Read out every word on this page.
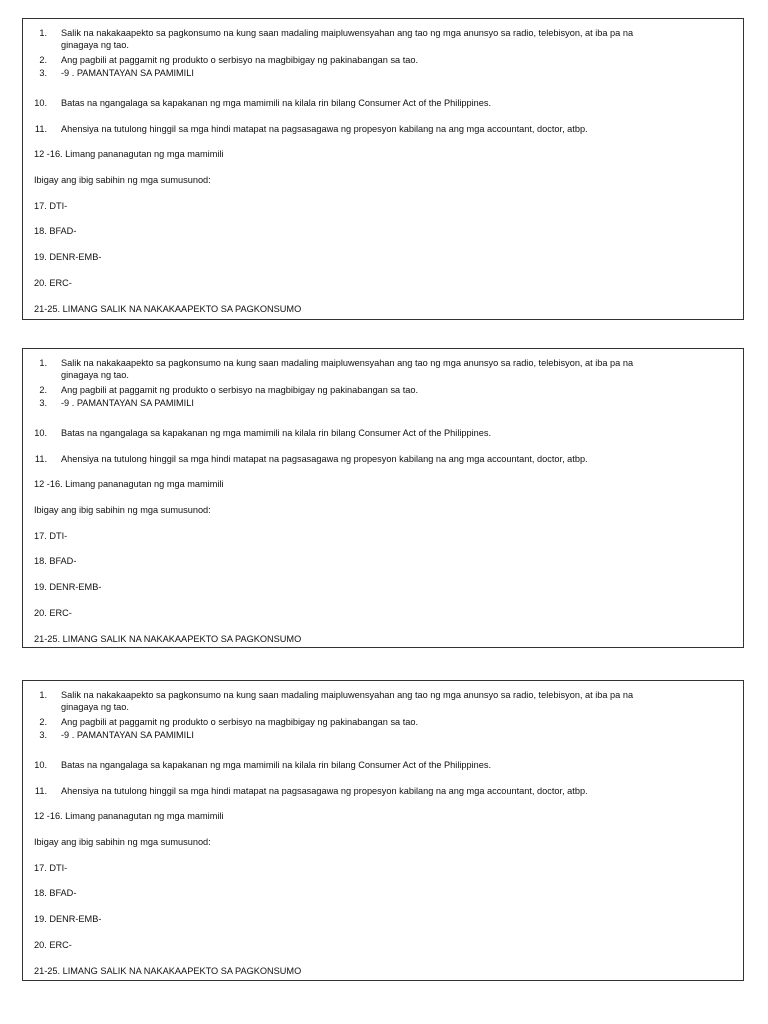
1. Salik na nakakaapekto sa pagkonsumo na kung saan madaling maipluwensyahan ang tao ng mga anunsyo sa radio, telebisyon, at iba pa na
ginagaya ng tao.
2. Ang pagbili at paggamit ng produkto o serbisyo na magbibigay ng pakinabangan sa tao.
3. -9 . PAMANTAYAN SA PAMIMILI
10. Batas na ngangalaga sa kapakanan ng mga mamimili na kilala rin bilang Consumer Act of the Philippines.
11. Ahensiya na tutulong hinggil sa mga hindi matapat na pagsasagawa ng propesyon kabilang na ang mga accountant, doctor, atbp.
12 -16. Limang pananagutan ng mga mamimili
Ibigay ang ibig sabihin ng mga sumusunod:
17. DTI-
18. BFAD-
19. DENR-EMB-
20. ERC-
21-25. LIMANG SALIK NA NAKAKAAPEKTO SA PAGKONSUMO
1. Salik na nakakaapekto sa pagkonsumo na kung saan madaling maipluwensyahan ang tao ng mga anunsyo sa radio, telebisyon, at iba pa na
ginagaya ng tao.
2. Ang pagbili at paggamit ng produkto o serbisyo na magbibigay ng pakinabangan sa tao.
3. -9 . PAMANTAYAN SA PAMIMILI
10. Batas na ngangalaga sa kapakanan ng mga mamimili na kilala rin bilang Consumer Act of the Philippines.
11. Ahensiya na tutulong hinggil sa mga hindi matapat na pagsasagawa ng propesyon kabilang na ang mga accountant, doctor, atbp.
12 -16. Limang pananagutan ng mga mamimili
Ibigay ang ibig sabihin ng mga sumusunod:
17. DTI-
18. BFAD-
19. DENR-EMB-
20. ERC-
21-25. LIMANG SALIK NA NAKAKAAPEKTO SA PAGKONSUMO
1. Salik na nakakaapekto sa pagkonsumo na kung saan madaling maipluwensyahan ang tao ng mga anunsyo sa radio, telebisyon, at iba pa na
ginagaya ng tao.
2. Ang pagbili at paggamit ng produkto o serbisyo na magbibigay ng pakinabangan sa tao.
3. -9 . PAMANTAYAN SA PAMIMILI
10. Batas na ngangalaga sa kapakanan ng mga mamimili na kilala rin bilang Consumer Act of the Philippines.
11. Ahensiya na tutulong hinggil sa mga hindi matapat na pagsasagawa ng propesyon kabilang na ang mga accountant, doctor, atbp.
12 -16. Limang pananagutan ng mga mamimili
Ibigay ang ibig sabihin ng mga sumusunod:
17. DTI-
18. BFAD-
19. DENR-EMB-
20. ERC-
21-25. LIMANG SALIK NA NAKAKAAPEKTO SA PAGKONSUMO
